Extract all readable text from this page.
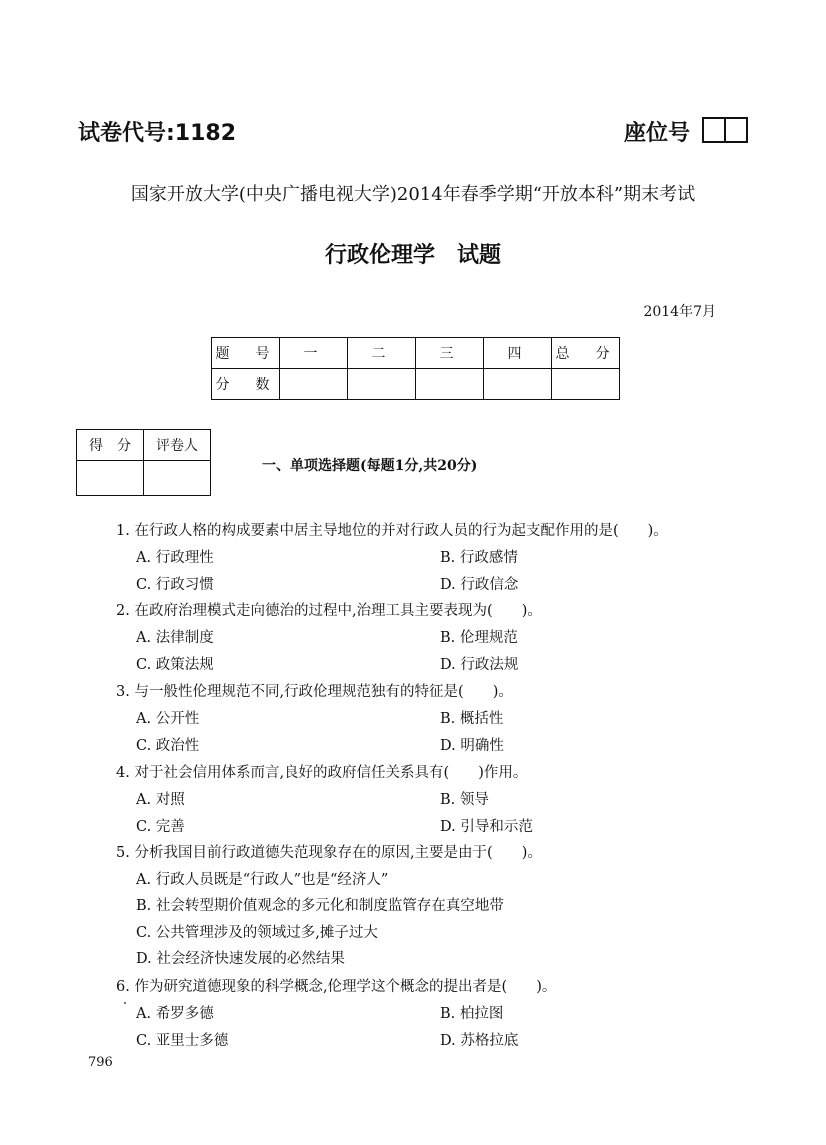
试卷代号:1182	座位号
国家开放大学(中央广播电视大学)2014年春季学期“开放本科”期末考试
行政伦理学　试题
2014年7月
题　号	一	二	三	四	总　分
分　数					
得　分	评卷人

一、单项选择题(每题1分,共20分)
1. 在行政人格的构成要素中居主导地位的并对行政人员的行为起支配作用的是(　　)。
A. 行政理性	B. 行政感情
C. 行政习惯	D. 行政信念
2. 在政府治理模式走向德治的过程中,治理工具主要表现为(　　)。
A. 法律制度	B. 伦理规范
C. 政策法规	D. 行政法规
3. 与一般性伦理规范不同,行政伦理规范独有的特征是(　　)。
A. 公开性	B. 概括性
C. 政治性	D. 明确性
4. 对于社会信用体系而言,良好的政府信任关系具有(　　)作用。
A. 对照	B. 领导
C. 完善	D. 引导和示范
5. 分析我国目前行政道德失范现象存在的原因,主要是由于(　　)。
A. 行政人员既是“行政人”也是“经济人”
B. 社会转型期价值观念的多元化和制度监管存在真空地带
C. 公共管理涉及的领域过多,摊子过大
D. 社会经济快速发展的必然结果
6. 作为研究道德现象的科学概念,伦理学这个概念的提出者是(　　)。
A. 希罗多德	B. 柏拉图
C. 亚里士多德	D. 苏格拉底
796
